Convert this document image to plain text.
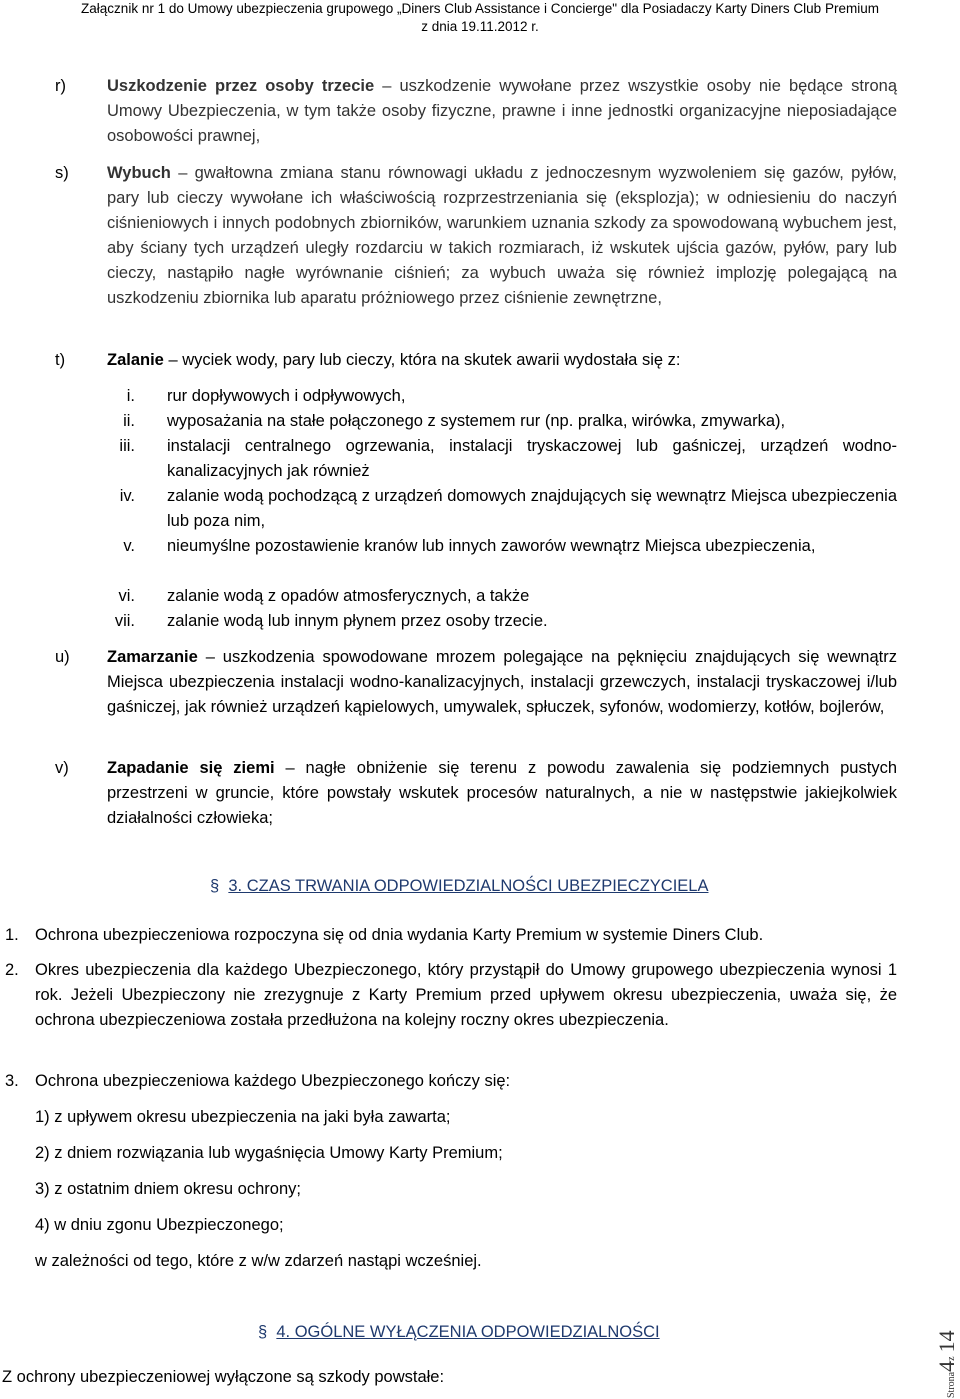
Załącznik nr 1 do Umowy ubezpieczenia grupowego „Diners Club Assistance i Concierge" dla Posiadaczy Karty Diners Club Premium
z dnia 19.11.2012 r.
r) Uszkodzenie przez osoby trzecie – uszkodzenie wywołane przez wszystkie osoby nie będące stroną Umowy Ubezpieczenia, w tym także osoby fizyczne, prawne i inne jednostki organizacyjne nieposiadające osobowości prawnej,
s) Wybuch – gwałtowna zmiana stanu równowagi układu z jednoczesnym wyzwoleniem się gazów, pyłów, pary lub cieczy wywołane ich właściwością rozprzestrzeniania się (eksplozja); w odniesieniu do naczyń ciśnieniowych i innych podobnych zbiorników, warunkiem uznania szkody za spowodowaną wybuchem jest, aby ściany tych urządzeń uległy rozdarciu w takich rozmiarach, iż wskutek ujścia gazów, pyłów, pary lub cieczy, nastąpiło nagłe wyrównanie ciśnień; za wybuch uważa się również implozję polegającą na uszkodzeniu zbiornika lub aparatu próżniowego przez ciśnienie zewnętrzne,
t)	Zalanie – wyciek wody, pary lub cieczy, która na skutek awarii wydostała się z:
i. rur dopływowych i odpływowych,
ii. wyposażania na stałe połączonego z systemem rur (np. pralka, wirówka, zmywarka),
iii. instalacji centralnego ogrzewania, instalacji tryskaczowej lub gaśniczej, urządzeń wodno-kanalizacyjnych jak również
iv. zalanie wodą pochodzącą z urządzeń domowych znajdujących się wewnątrz Miejsca ubezpieczenia lub poza nim,
v. nieumyślne pozostawienie kranów lub innych zaworów wewnątrz Miejsca ubezpieczenia,
vi. zalanie wodą z opadów atmosferycznych, a także
vii. zalanie wodą lub innym płynem przez osoby trzecie.
u) Zamarzanie – uszkodzenia spowodowane mrozem polegające na pęknięciu znajdujących się wewnątrz Miejsca ubezpieczenia instalacji wodno-kanalizacyjnych, instalacji grzewczych, instalacji tryskaczowej i/lub gaśniczej, jak również urządzeń kąpielowych, umywalek, spłuczek, syfonów, wodomierzy, kotłów, bojlerów,
v) Zapadanie się ziemi – nagłe obniżenie się terenu z powodu zawalenia się podziemnych pustych przestrzeni w gruncie, które powstały wskutek procesów naturalnych, a nie w następstwie jakiejkolwiek działalności człowieka;
§ 3. CZAS TRWANIA ODPOWIEDZIALNOŚCI UBEZPIECZYCIELA
1. Ochrona ubezpieczeniowa rozpoczyna się od dnia wydania Karty Premium w systemie Diners Club.
2. Okres ubezpieczenia dla każdego Ubezpieczonego, który przystąpił do Umowy grupowego ubezpieczenia wynosi 1 rok. Jeżeli Ubezpieczony nie zrezygnuje z Karty Premium przed upływem okresu ubezpieczenia, uważa się, że ochrona ubezpieczeniowa została przedłużona na kolejny roczny okres ubezpieczenia.
3. Ochrona ubezpieczeniowa każdego Ubezpieczonego kończy się:
1) z upływem okresu ubezpieczenia na jaki była zawarta;
2) z dniem rozwiązania lub wygaśnięcia Umowy Karty Premium;
3) z ostatnim dniem okresu ochrony;
4) w dniu zgonu Ubezpieczonego;
w zależności od tego, które z w/w zdarzeń nastąpi wcześniej.
§ 4. OGÓLNE WYŁĄCZENIA ODPOWIEDZIALNOŚCI
Z ochrony ubezpieczeniowej wyłączone są szkody powstałe:	Strona4z 14
